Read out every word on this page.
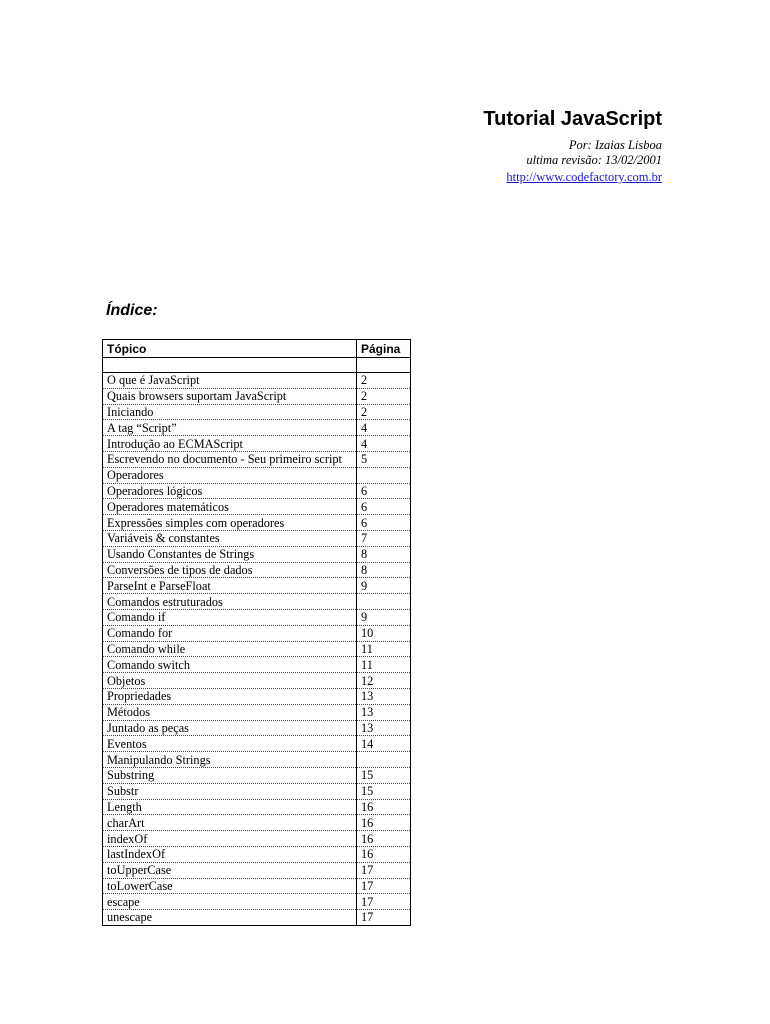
Tutorial JavaScript
Por: Izaias Lisboa
ultima revisão: 13/02/2001
http://www.codefactory.com.br
Índice:
Tópico	Página

O que é JavaScript	2
Quais browsers suportam JavaScript	2
Iniciando	2
A tag “Script”	4
Introdução ao ECMAScript	4
Escrevendo no documento - Seu primeiro script	5
Operadores	
Operadores lógicos	6
Operadores matemáticos	6
Expressões simples com operadores	6
Variáveis & constantes	7
Usando Constantes de Strings	8
Conversões de tipos de dados	8
ParseInt e ParseFloat	9
Comandos estruturados	
Comando if	9
Comando for	10
Comando while	11
Comando switch	11
Objetos	12
Propriedades	13
Métodos	13
Juntado as peças	13
Eventos	14
Manipulando Strings	
Substring	15
Substr	15
Length	16
charArt	16
indexOf	16
lastIndexOf	16
toUpperCase	17
toLowerCase	17
escape	17
unescape	17
